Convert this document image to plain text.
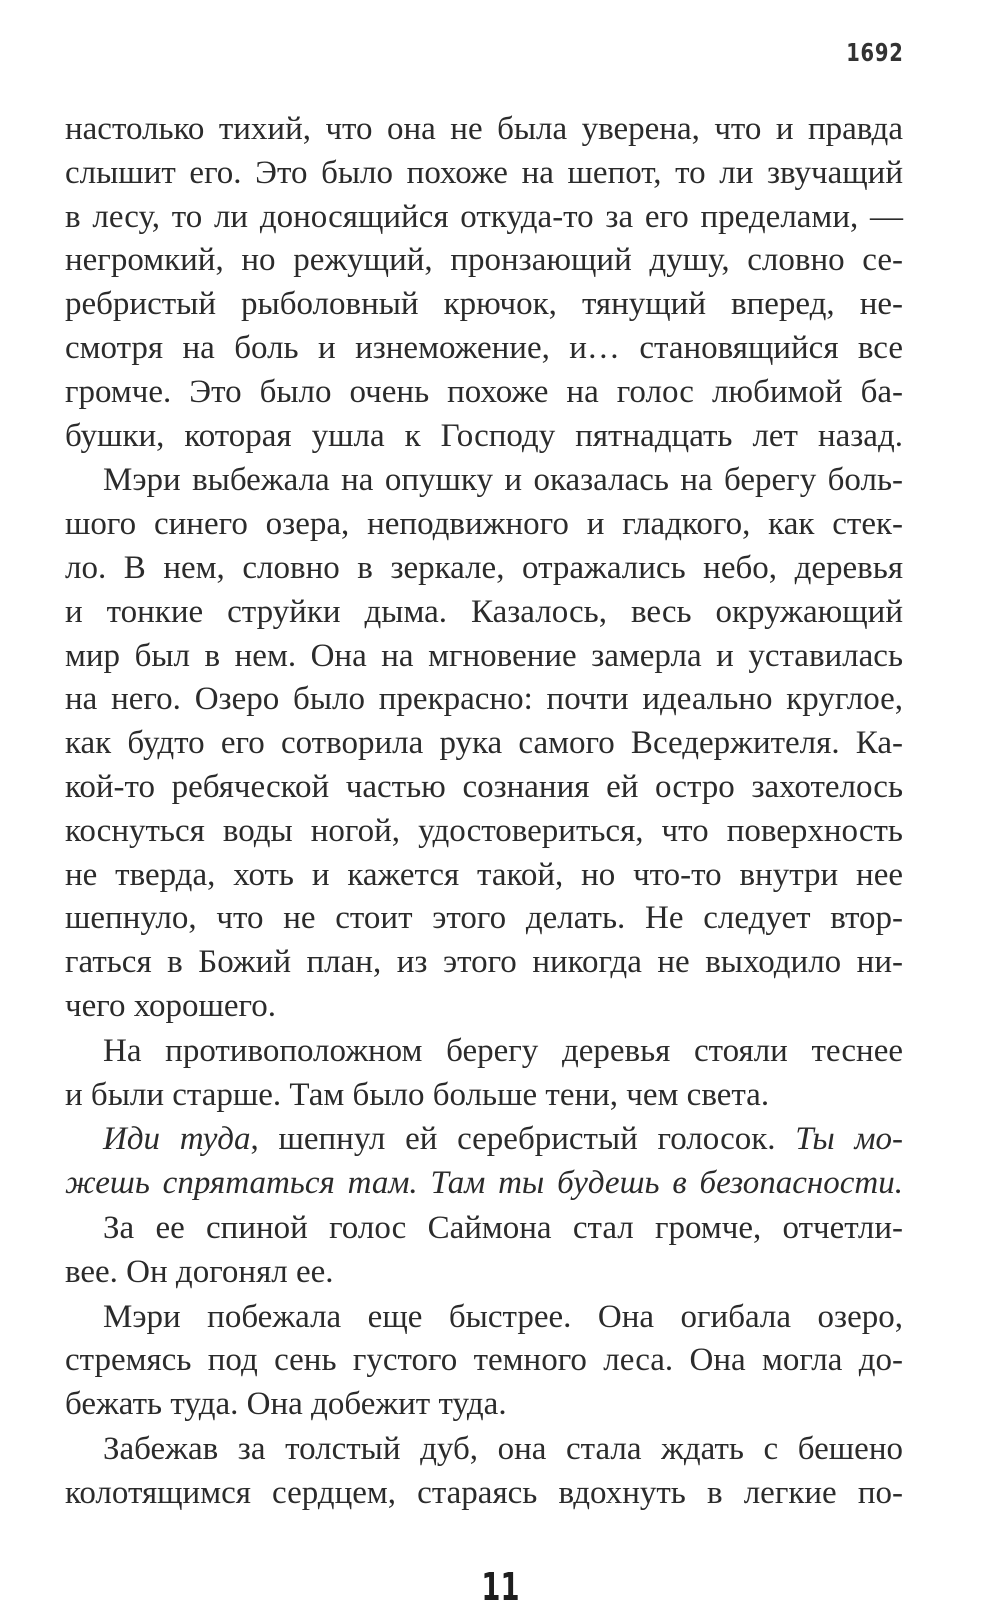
1692
настолько тихий, что она не была уверена, что и правда
слышит его. Это было похоже на шепот, то ли звучащий
в лесу, то ли доносящийся откуда-то за его пределами, —
негромкий, но режущий, пронзающий душу, словно се-
ребристый рыболовный крючок, тянущий вперед, не-
смотря на боль и изнеможение, и… становящийся все
громче. Это было очень похоже на голос любимой ба-
бушки, которая ушла к Господу пятнадцать лет назад.
Мэри выбежала на опушку и оказалась на берегу боль-
шого синего озера, неподвижного и гладкого, как стек-
ло. В нем, словно в зеркале, отражались небо, деревья
и тонкие струйки дыма. Казалось, весь окружающий
мир был в нем. Она на мгновение замерла и уставилась
на него. Озеро было прекрасно: почти идеально круглое,
как будто его сотворила рука самого Вседержителя. Ка-
кой-то ребяческой частью сознания ей остро захотелось
коснуться воды ногой, удостовериться, что поверхность
не тверда, хоть и кажется такой, но что-то внутри нее
шепнуло, что не стоит этого делать. Не следует втор-
гаться в Божий план, из этого никогда не выходило ни-
чего хорошего.
На противоположном берегу деревья стояли теснее
и были старше. Там было больше тени, чем света.
Иди туда, шепнул ей серебристый голосок. Ты мо-
жешь спрятаться там. Там ты будешь в безопасности.
За ее спиной голос Саймона стал громче, отчетли-
вее. Он догонял ее.
Мэри побежала еще быстрее. Она огибала озеро,
стремясь под сень густого темного леса. Она могла до-
бежать туда. Она добежит туда.
Забежав за толстый дуб, она стала ждать с бешено
колотящимся сердцем, стараясь вдохнуть в легкие по-
11
